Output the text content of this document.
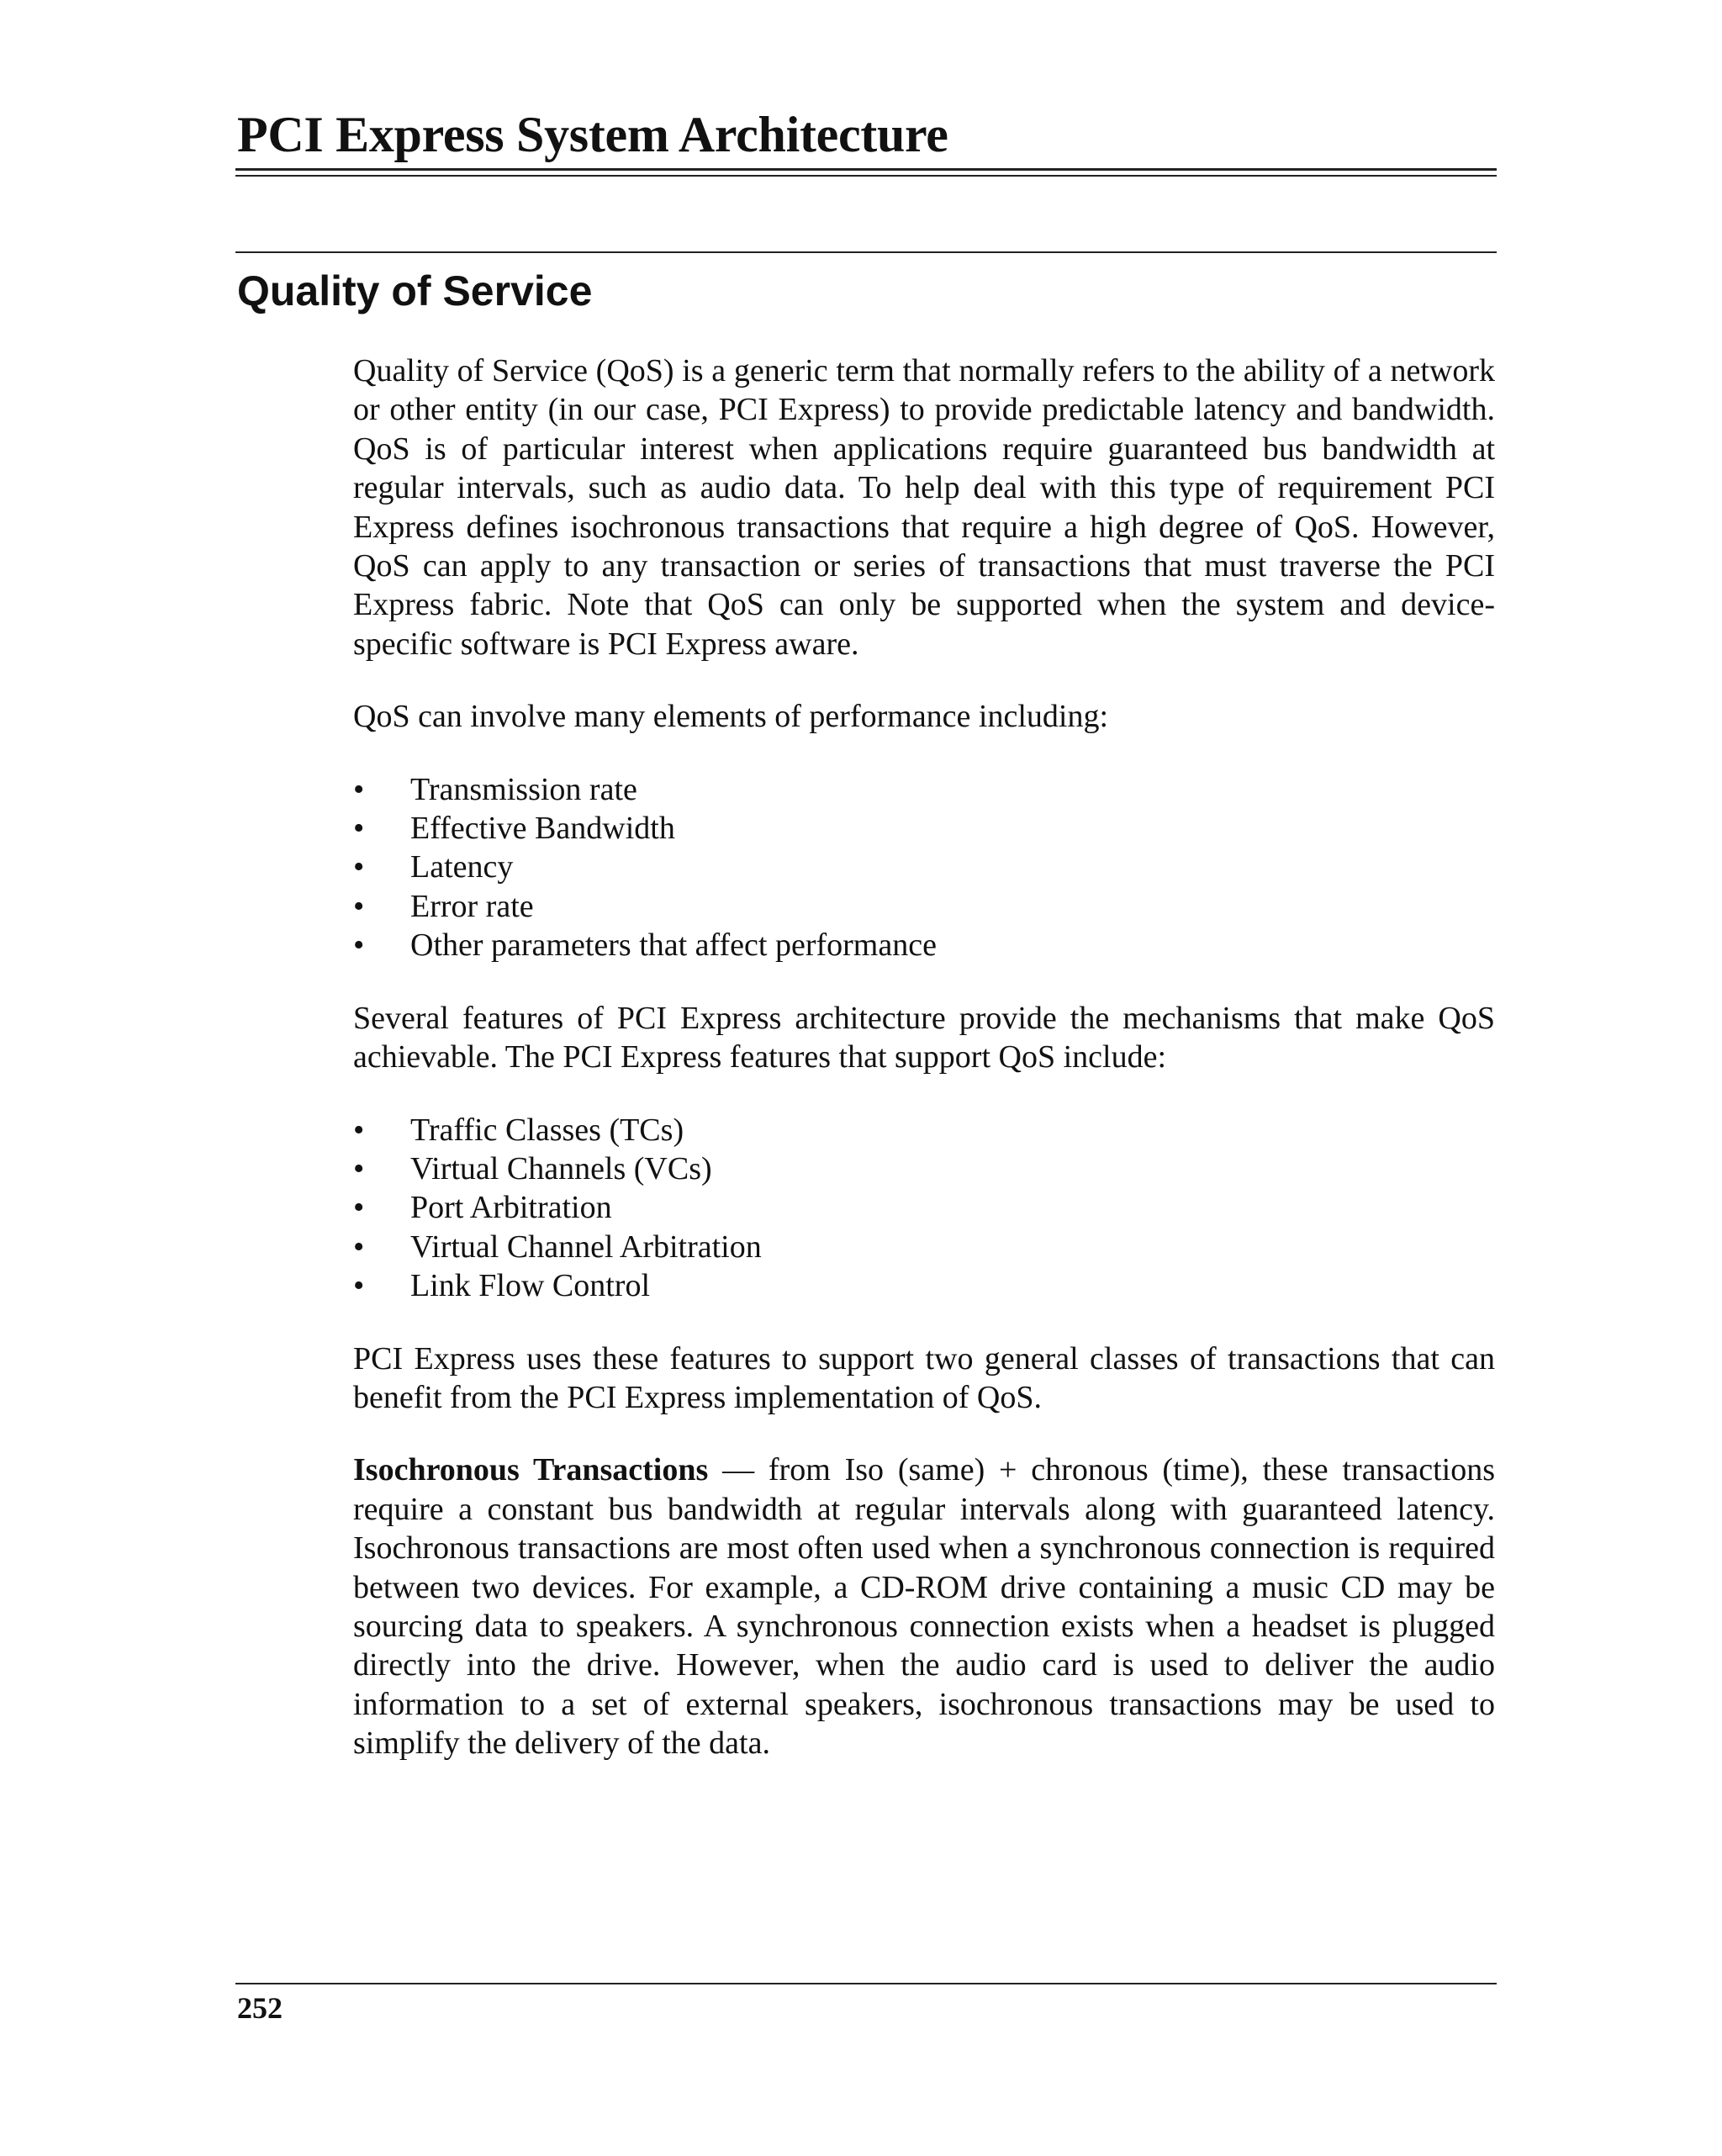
PCI Express System Architecture
Quality of Service

Quality of Service (QoS) is a generic term that normally refers to the ability of a network or other entity (in our case, PCI Express) to provide predictable latency and bandwidth. QoS is of particular interest when applications require guaranteed bus bandwidth at regular intervals, such as audio data. To help deal with this type of requirement PCI Express defines isochronous transactions that require a high degree of QoS. However, QoS can apply to any transaction or series of transactions that must traverse the PCI Express fabric. Note that QoS can only be supported when the system and device-specific software is PCI Express aware.

QoS can involve many elements of performance including:

• Transmission rate
• Effective Bandwidth
• Latency
• Error rate
• Other parameters that affect performance

Several features of PCI Express architecture provide the mechanisms that make QoS achievable. The PCI Express features that support QoS include:

• Traffic Classes (TCs)
• Virtual Channels (VCs)
• Port Arbitration
• Virtual Channel Arbitration
• Link Flow Control

PCI Express uses these features to support two general classes of transactions that can benefit from the PCI Express implementation of QoS.

Isochronous Transactions — from Iso (same) + chronous (time), these transactions require a constant bus bandwidth at regular intervals along with guaranteed latency. Isochronous transactions are most often used when a synchronous connection is required between two devices. For example, a CD-ROM drive containing a music CD may be sourcing data to speakers. A synchronous connection exists when a headset is plugged directly into the drive. However, when the audio card is used to deliver the audio information to a set of external speakers, isochronous transactions may be used to simplify the delivery of the data.

252
